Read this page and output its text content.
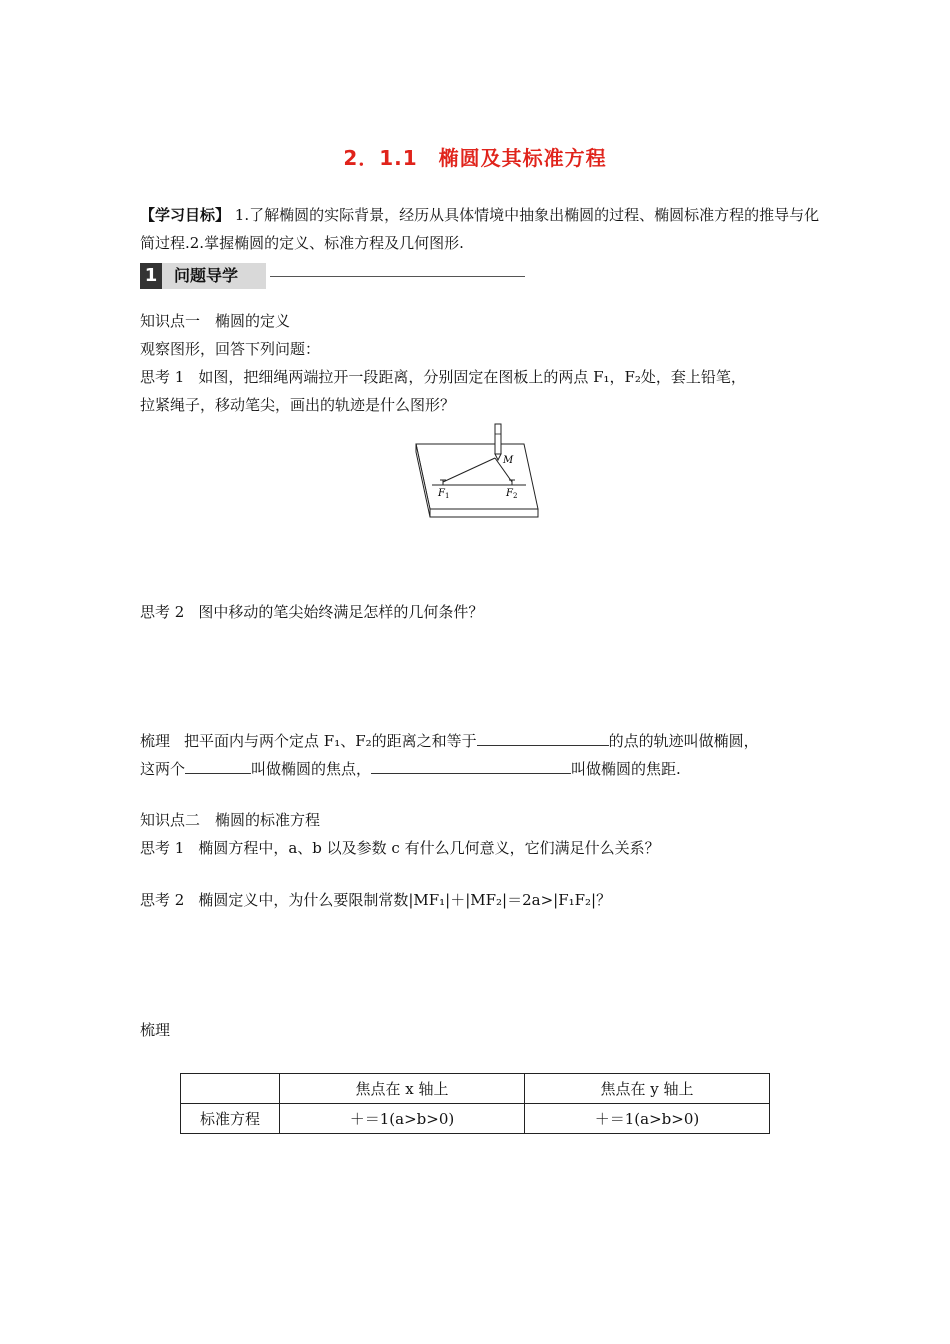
2．1.1　椭圆及其标准方程
【学习目标】 1.了解椭圆的实际背景，经历从具体情境中抽象出椭圆的过程、椭圆标准方程的推导与化简过程.2.掌握椭圆的定义、标准方程及几何图形.
1	问题导学
知识点一　椭圆的定义
观察图形，回答下列问题：
思考 1 如图，把细绳两端拉开一段距离，分别固定在图板上的两点 F₁，F₂处，套上铅笔，
拉紧绳子，移动笔尖，画出的轨迹是什么图形？
M
F 1	F 2
思考 2 图中移动的笔尖始终满足怎样的几何条件？
梳理 把平面内与两个定点 F₁、F₂的距离之和等于	的点的轨迹叫做椭圆，
这两个	叫做椭圆的焦点，	叫做椭圆的焦距.
知识点二　椭圆的标准方程
思考 1 椭圆方程中，a、b 以及参数 c 有什么几何意义，它们满足什么关系？
思考 2 椭圆定义中，为什么要限制常数|MF₁|＋|MF₂|＝2a>|F₁F₂|？
梳理
	焦点在 x 轴上	焦点在 y 轴上
标准方程	＋＝1(a>b>0)	＋＝1(a>b>0)
